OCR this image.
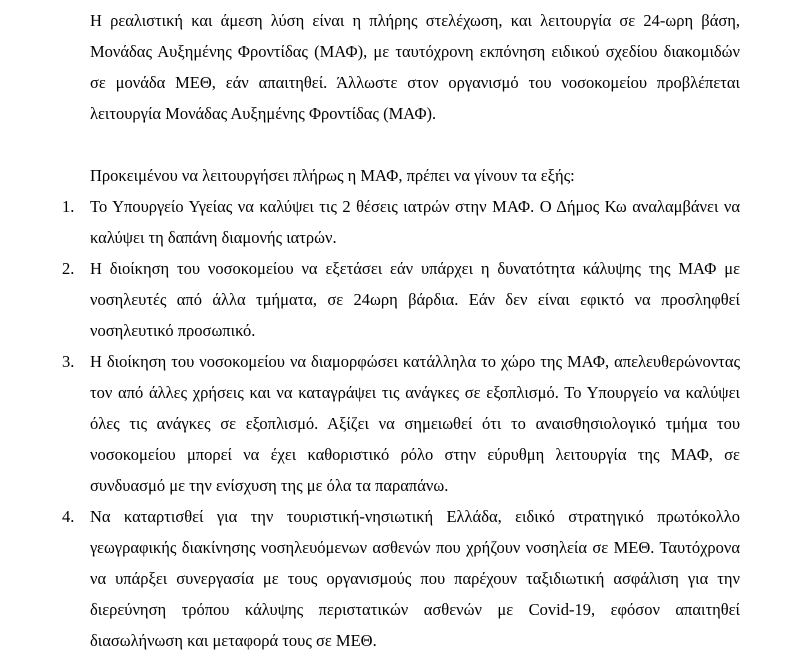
Η ρεαλιστική και άμεση λύση είναι η πλήρης στελέχωση, και λειτουργία σε 24-ωρη βάση, Μονάδας Αυξημένης Φροντίδας (ΜΑΦ), με ταυτόχρονη εκπόνηση ειδικού σχεδίου διακομιδών σε μονάδα ΜΕΘ, εάν απαιτηθεί. Άλλωστε στον οργανισμό του νοσοκομείου προβλέπεται λειτουργία Μονάδας Αυξημένης Φροντίδας (ΜΑΦ).

Προκειμένου να λειτουργήσει πλήρως η ΜΑΦ, πρέπει να γίνουν τα εξής:

1. Το Υπουργείο Υγείας να καλύψει τις 2 θέσεις ιατρών στην ΜΑΦ. Ο Δήμος Κω αναλαμβάνει να καλύψει τη δαπάνη διαμονής ιατρών.
2. Η διοίκηση του νοσοκομείου να εξετάσει εάν υπάρχει η δυνατότητα κάλυψης της ΜΑΦ με νοσηλευτές από άλλα τμήματα, σε 24ωρη βάρδια. Εάν δεν είναι εφικτό να προσληφθεί νοσηλευτικό προσωπικό.
3. Η διοίκηση του νοσοκομείου να διαμορφώσει κατάλληλα το χώρο της ΜΑΦ, απελευθερώνοντας τον από άλλες χρήσεις και να καταγράψει τις ανάγκες σε εξοπλισμό. Το Υπουργείο να καλύψει όλες τις ανάγκες σε εξοπλισμό. Αξίζει να σημειωθεί ότι το αναισθησιολογικό τμήμα του νοσοκομείου μπορεί να έχει καθοριστικό ρόλο στην εύρυθμη λειτουργία της ΜΑΦ, σε συνδυασμό με την ενίσχυση της με όλα τα παραπάνω.
4. Να καταρτισθεί για την τουριστική-νησιωτική Ελλάδα, ειδικό στρατηγικό πρωτόκολλο γεωγραφικής διακίνησης νοσηλευόμενων ασθενών που χρήζουν νοσηλεία σε ΜΕΘ. Ταυτόχρονα να υπάρξει συνεργασία με τους οργανισμούς που παρέχουν ταξιδιωτική ασφάλιση για την διερεύνηση τρόπου κάλυψης περιστατικών ασθενών με Covid-19, εφόσον απαιτηθεί διασωλήνωση και μεταφορά τους σε ΜΕΘ.
